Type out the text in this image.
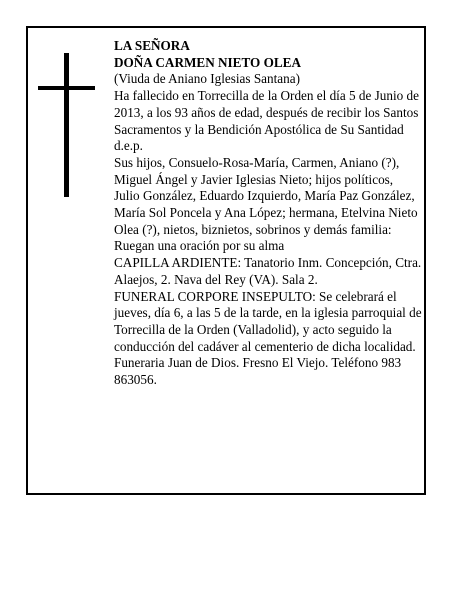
LA SEÑORA

DOÑA CARMEN NIETO OLEA

(Viuda de Aniano Iglesias Santana)

Ha fallecido en Torrecilla de la Orden el día 5 de Junio de 2013, a los 93 años de edad, después de recibir los Santos Sacramentos y la Bendición Apostólica de Su Santidad

d.e.p.

Sus hijos, Consuelo-Rosa-María, Carmen, Aniano (?), Miguel Ángel y Javier Iglesias Nieto; hijos políticos, Julio González, Eduardo Izquierdo, María Paz González, María Sol Poncela y Ana López; hermana, Etelvina Nieto Olea (?), nietos, biznietos, sobrinos y demás familia:

Ruegan una oración por su alma

CAPILLA ARDIENTE: Tanatorio Inm. Concepción, Ctra. Alaejos, 2. Nava del Rey (VA). Sala 2.

FUNERAL CORPORE INSEPULTO: Se celebrará el jueves, día 6, a las 5 de la tarde, en la iglesia parroquial de Torrecilla de la Orden (Valladolid), y acto seguido la conducción del cadáver al cementerio de dicha localidad.

Funeraria Juan de Dios. Fresno El Viejo. Teléfono 983 863056.
